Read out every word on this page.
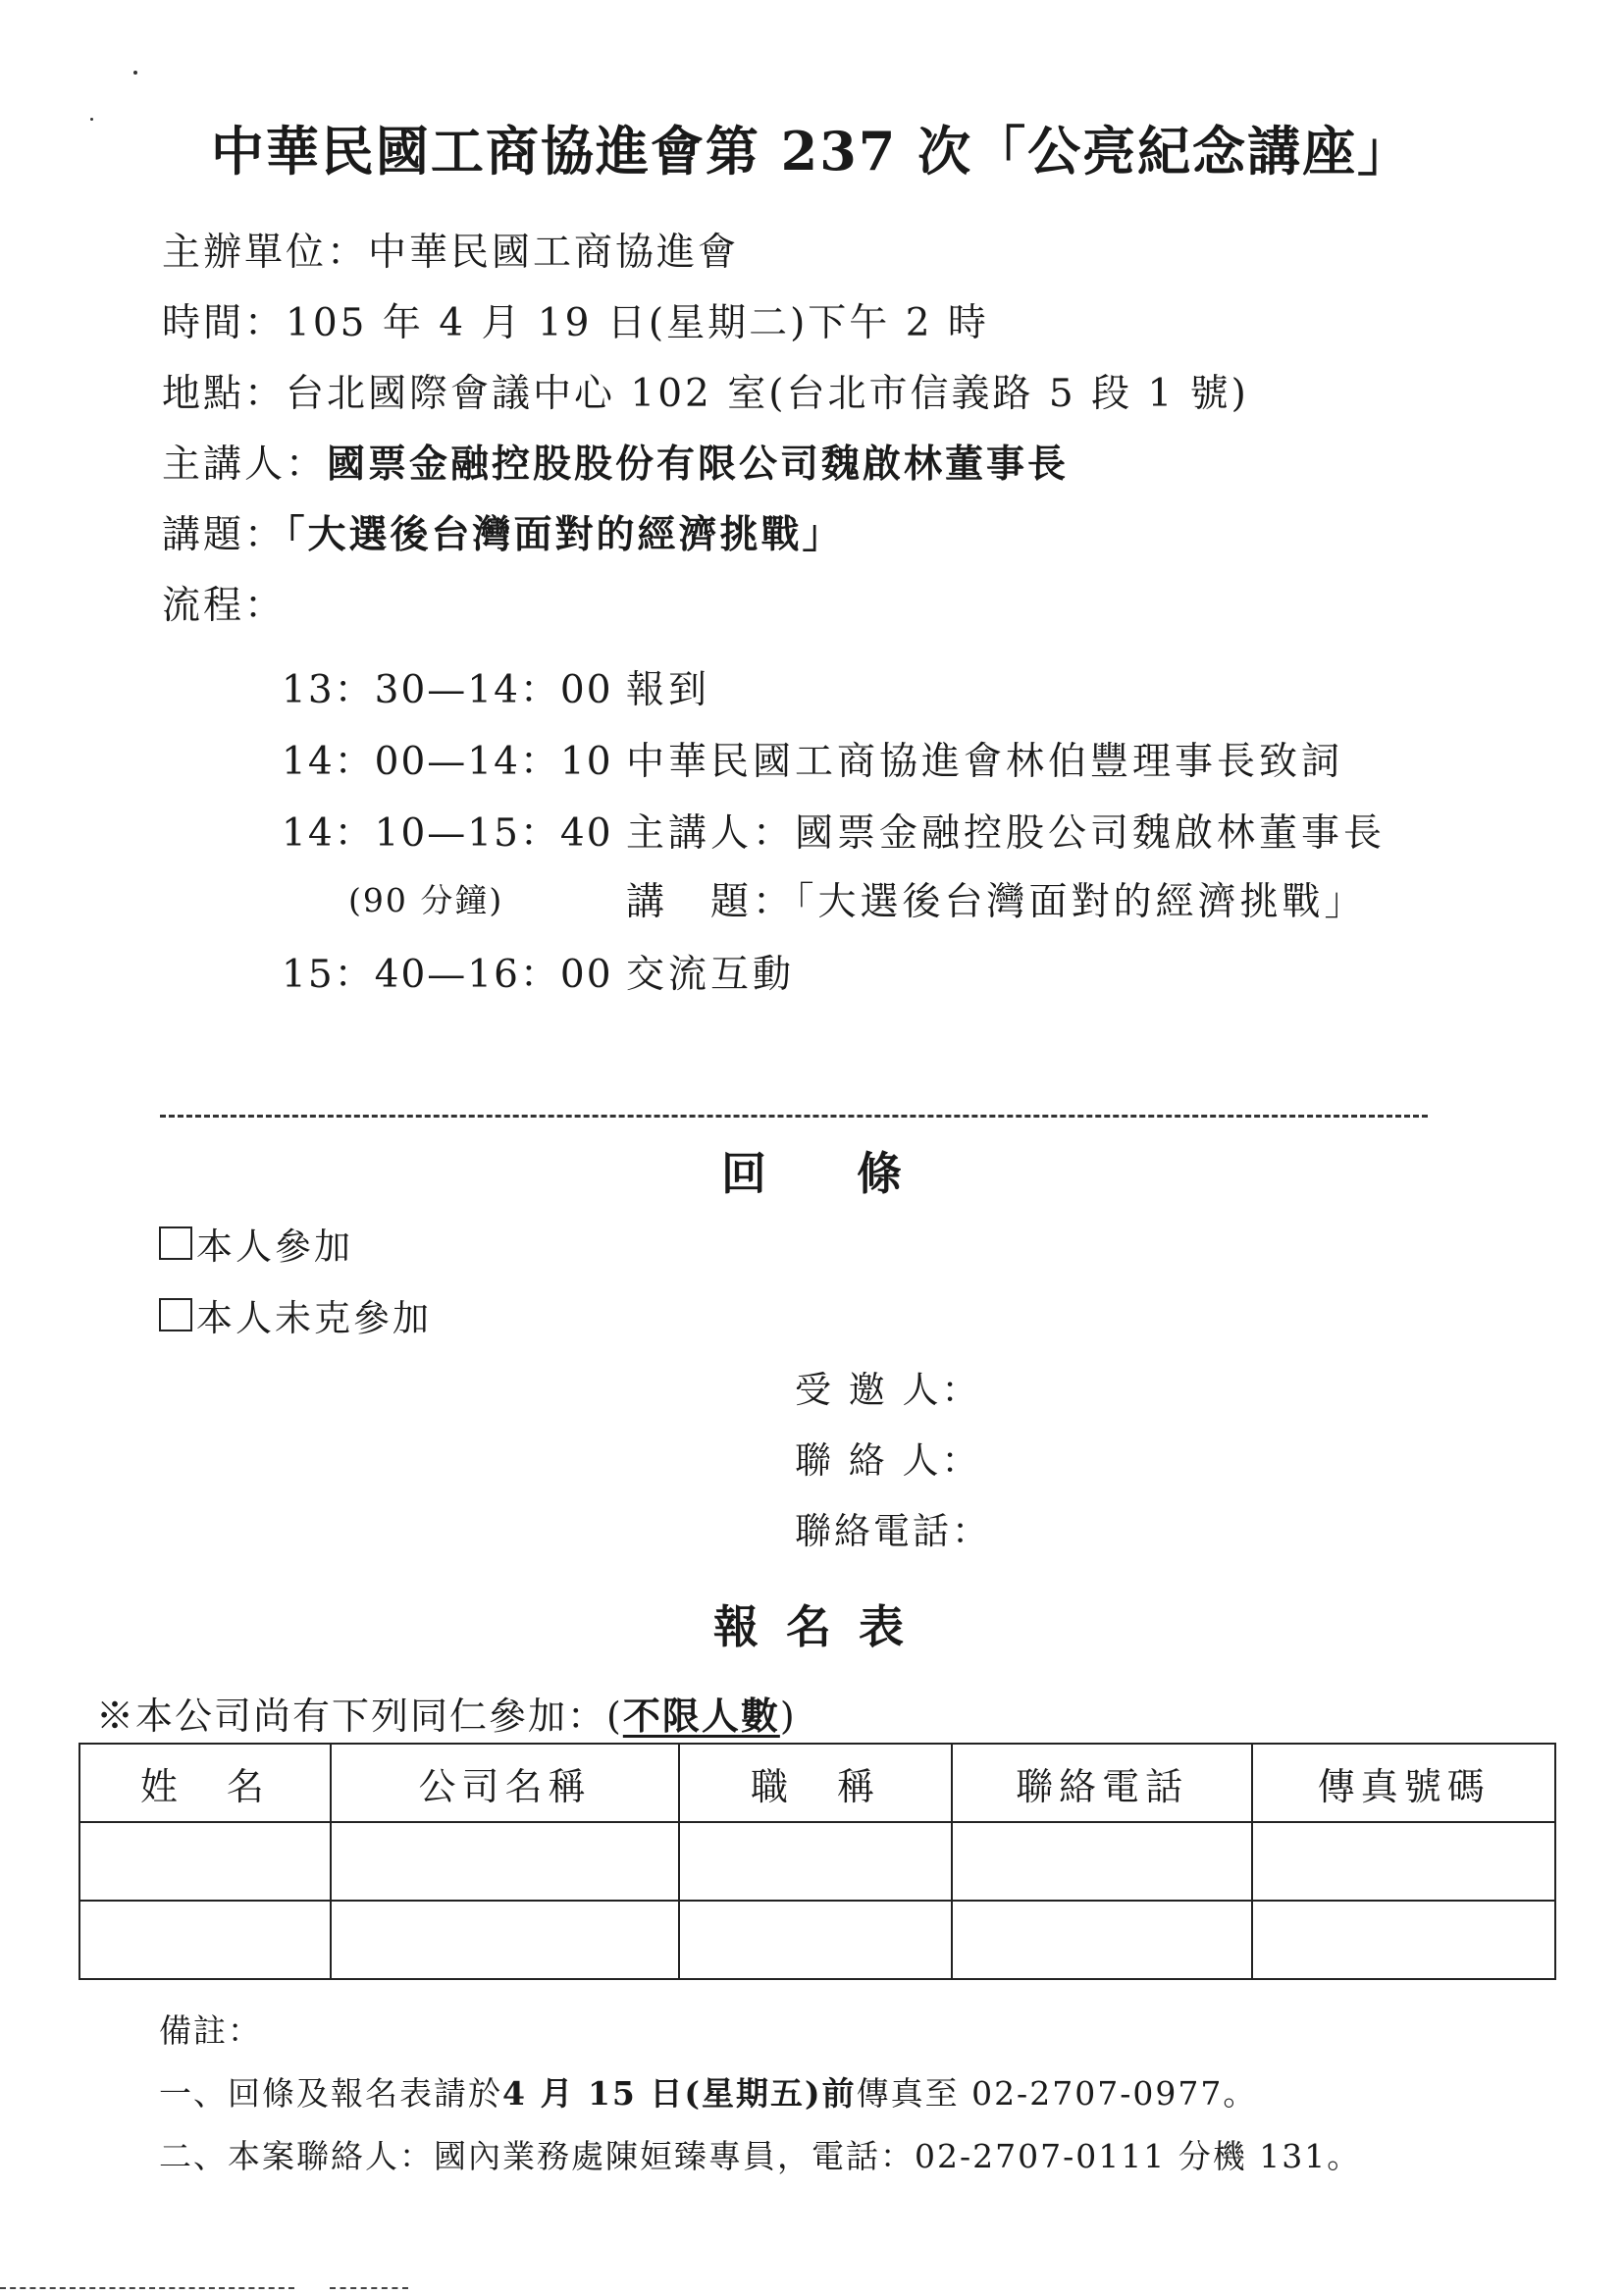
中華民國工商協進會第 237 次「公亮紀念講座」
主辦單位：中華民國工商協進會
時間：105 年 4 月 19 日(星期二)下午 2 時
地點：台北國際會議中心 102 室(台北市信義路 5 段 1 號)
主講人：國票金融控股股份有限公司魏啟林董事長
講題：「大選後台灣面對的經濟挑戰」
流程：
13：30—14：00 報到
14：00—14：10 中華民國工商協進會林伯豐理事長致詞
14：10—15：40 主講人：國票金融控股公司魏啟林董事長
(90 分鐘)	講　題：「大選後台灣面對的經濟挑戰」
15：40—16：00 交流互動
回　　條
本人參加
本人未克參加
受 邀 人：
聯 絡 人：
聯絡電話：
報 名 表
※本公司尚有下列同仁參加：(不限人數)
姓　名	公司名稱	職　稱	聯絡電話	傳真號碼

備註：
一、回條及報名表請於4 月 15 日(星期五)前傳真至 02-2707-0977。
二、本案聯絡人：國內業務處陳姮臻專員，電話：02-2707-0111 分機 131。
